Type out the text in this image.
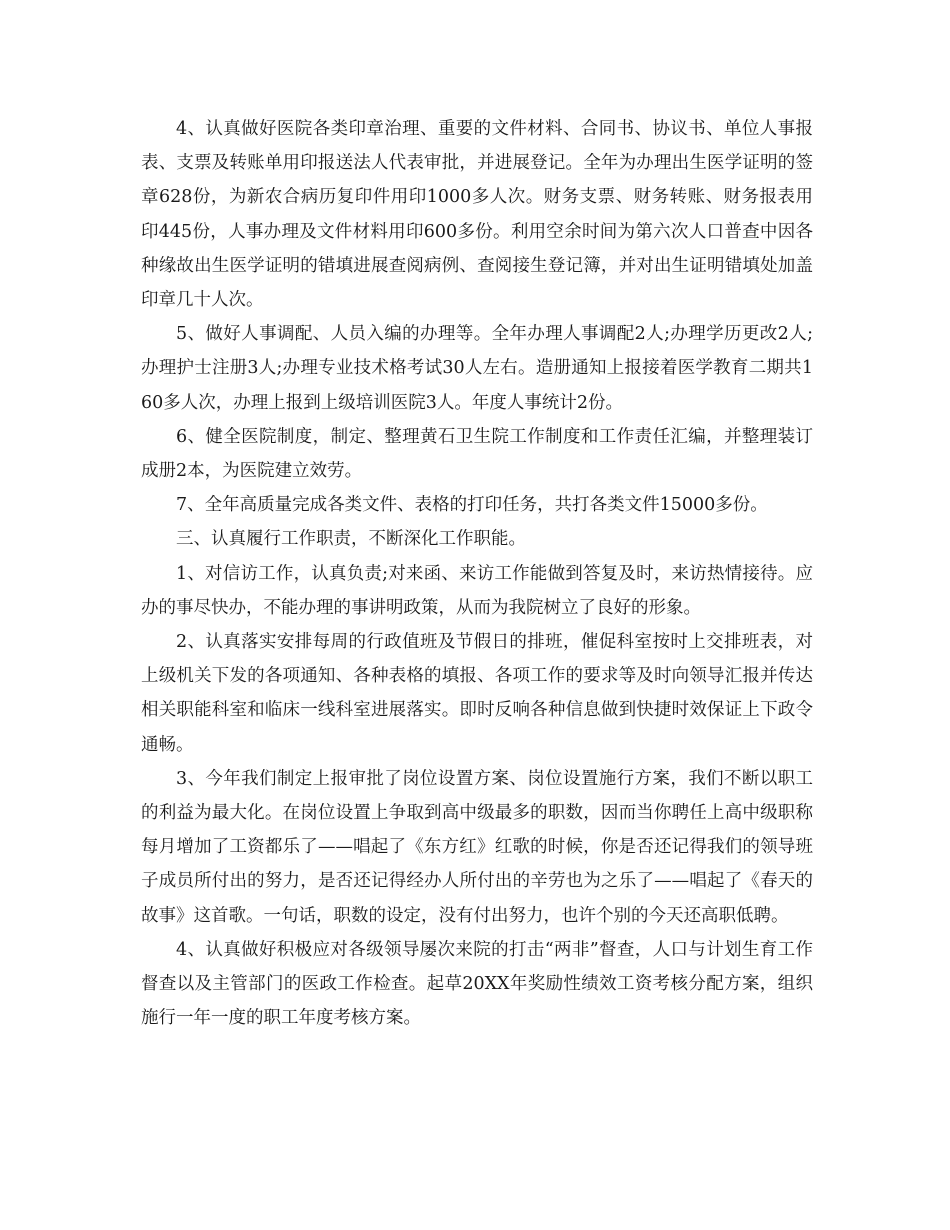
4、认真做好医院各类印章治理、重要的文件材料、合同书、协议书、单位人事报表、支票及转账单用印报送法人代表审批，并进展登记。全年为办理出生医学证明的签章628份，为新农合病历复印件用印1000多人次。财务支票、财务转账、财务报表用印445份，人事办理及文件材料用印600多份。利用空余时间为第六次人口普查中因各种缘故出生医学证明的错填进展查阅病例、查阅接生登记簿，并对出生证明错填处加盖印章几十人次。

5、做好人事调配、人员入编的办理等。全年办理人事调配2人;办理学历更改2人;办理护士注册3人;办理专业技术格考试30人左右。造册通知上报接着医学教育二期共160多人次，办理上报到上级培训医院3人。年度人事统计2份。

6、健全医院制度，制定、整理黄石卫生院工作制度和工作责任汇编，并整理装订成册2本，为医院建立效劳。

7、全年高质量完成各类文件、表格的打印任务，共打各类文件15000多份。

三、认真履行工作职责，不断深化工作职能。

1、对信访工作，认真负责;对来函、来访工作能做到答复及时，来访热情接待。应办的事尽快办，不能办理的事讲明政策，从而为我院树立了良好的形象。

2、认真落实安排每周的行政值班及节假日的排班，催促科室按时上交排班表，对上级机关下发的各项通知、各种表格的填报、各项工作的要求等及时向领导汇报并传达相关职能科室和临床一线科室进展落实。即时反响各种信息做到快捷时效保证上下政令通畅。

3、今年我们制定上报审批了岗位设置方案、岗位设置施行方案，我们不断以职工的利益为最大化。在岗位设置上争取到高中级最多的职数，因而当你聘任上高中级职称每月增加了工资都乐了——唱起了《东方红》红歌的时候，你是否还记得我们的领导班子成员所付出的努力，是否还记得经办人所付出的辛劳也为之乐了——唱起了《春天的故事》这首歌。一句话，职数的设定，没有付出努力，也许个别的今天还高职低聘。

4、认真做好积极应对各级领导屡次来院的打击“两非”督查，人口与计划生育工作督查以及主管部门的医政工作检查。起草20XX年奖励性绩效工资考核分配方案，组织施行一年一度的职工年度考核方案。
